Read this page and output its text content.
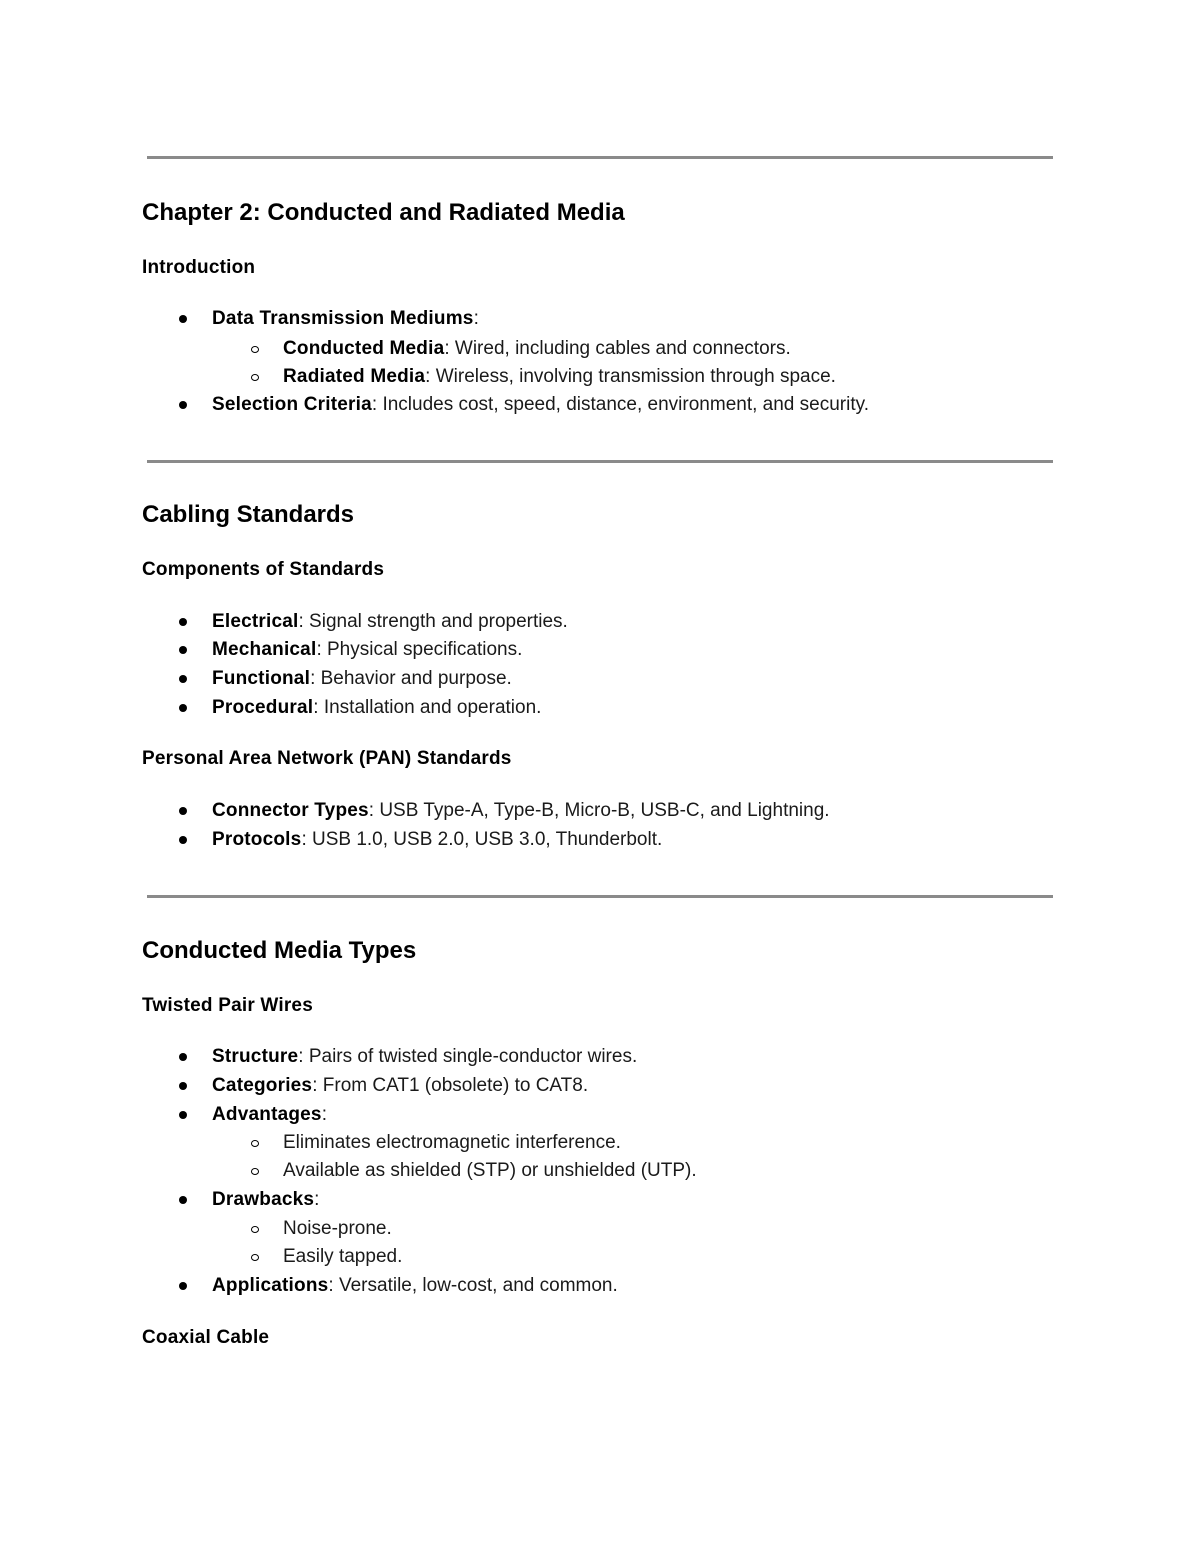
Chapter 2: Conducted and Radiated Media
Introduction
Data Transmission Mediums:
Conducted Media: Wired, including cables and connectors.
Radiated Media: Wireless, involving transmission through space.
Selection Criteria: Includes cost, speed, distance, environment, and security.
Cabling Standards
Components of Standards
Electrical: Signal strength and properties.
Mechanical: Physical specifications.
Functional: Behavior and purpose.
Procedural: Installation and operation.
Personal Area Network (PAN) Standards
Connector Types: USB Type-A, Type-B, Micro-B, USB-C, and Lightning.
Protocols: USB 1.0, USB 2.0, USB 3.0, Thunderbolt.
Conducted Media Types
Twisted Pair Wires
Structure: Pairs of twisted single-conductor wires.
Categories: From CAT1 (obsolete) to CAT8.
Advantages:
Eliminates electromagnetic interference.
Available as shielded (STP) or unshielded (UTP).
Drawbacks:
Noise-prone.
Easily tapped.
Applications: Versatile, low-cost, and common.
Coaxial Cable
